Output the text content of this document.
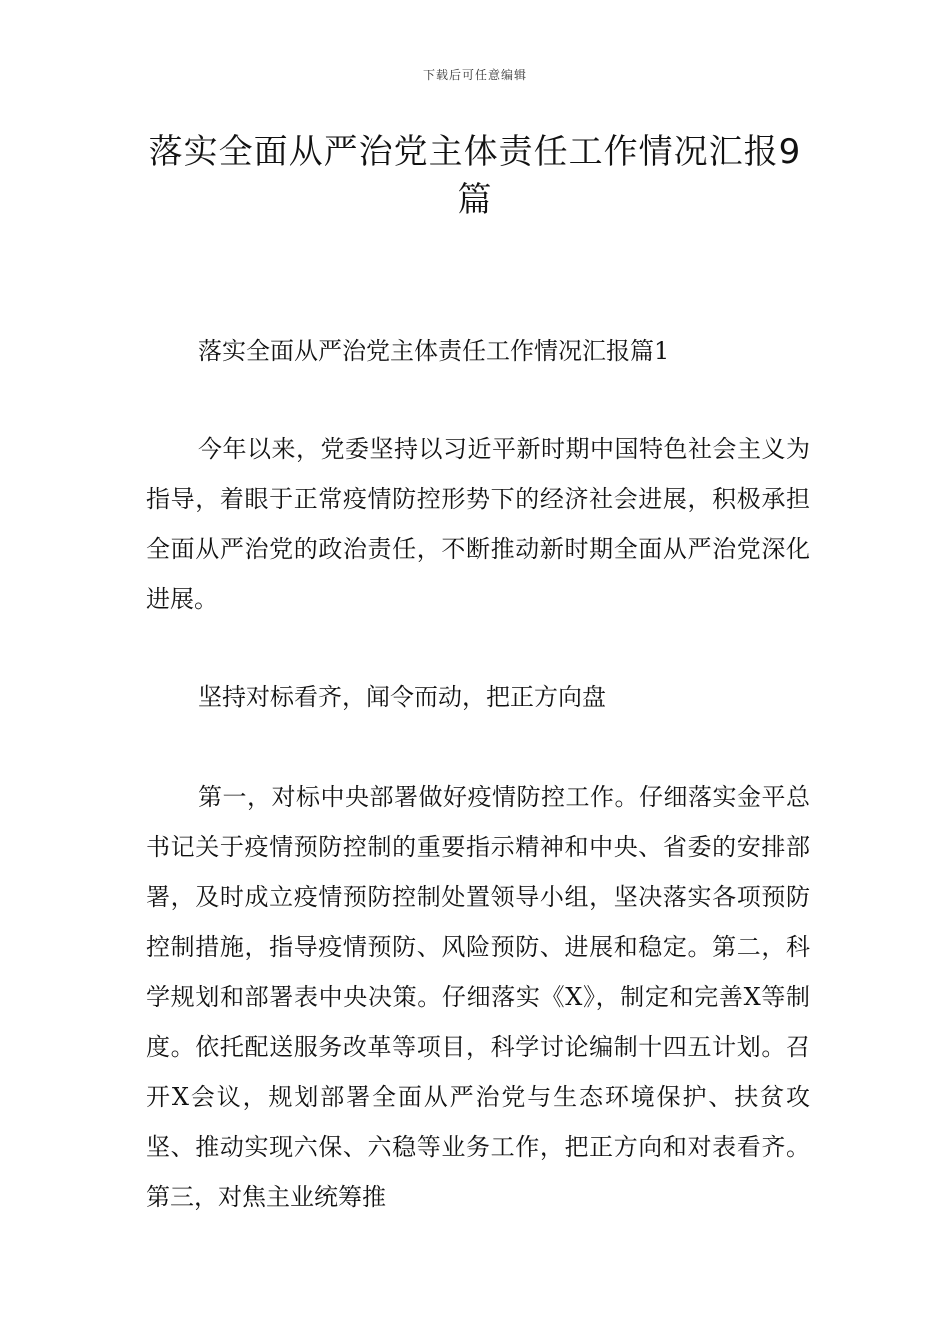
下载后可任意编辑
落实全面从严治党主体责任工作情况汇报9篇
落实全面从严治党主体责任工作情况汇报篇1

今年以来，党委坚持以习近平新时期中国特色社会主义为指导，着眼于正常疫情防控形势下的经济社会进展，积极承担全面从严治党的政治责任，不断推动新时期全面从严治党深化进展。

坚持对标看齐，闻令而动，把正方向盘

第一，对标中央部署做好疫情防控工作。仔细落实金平总书记关于疫情预防控制的重要指示精神和中央、省委的安排部署，及时成立疫情预防控制处置领导小组，坚决落实各项预防控制措施，指导疫情预防、风险预防、进展和稳定。第二，科学规划和部署表中央决策。仔细落实《X》，制定和完善X等制度。依托配送服务改革等项目，科学讨论编制十四五计划。召开X会议，规划部署全面从严治党与生态环境保护、扶贫攻坚、推动实现六保、六稳等业务工作，把正方向和对表看齐。第三，对焦主业统筹推
